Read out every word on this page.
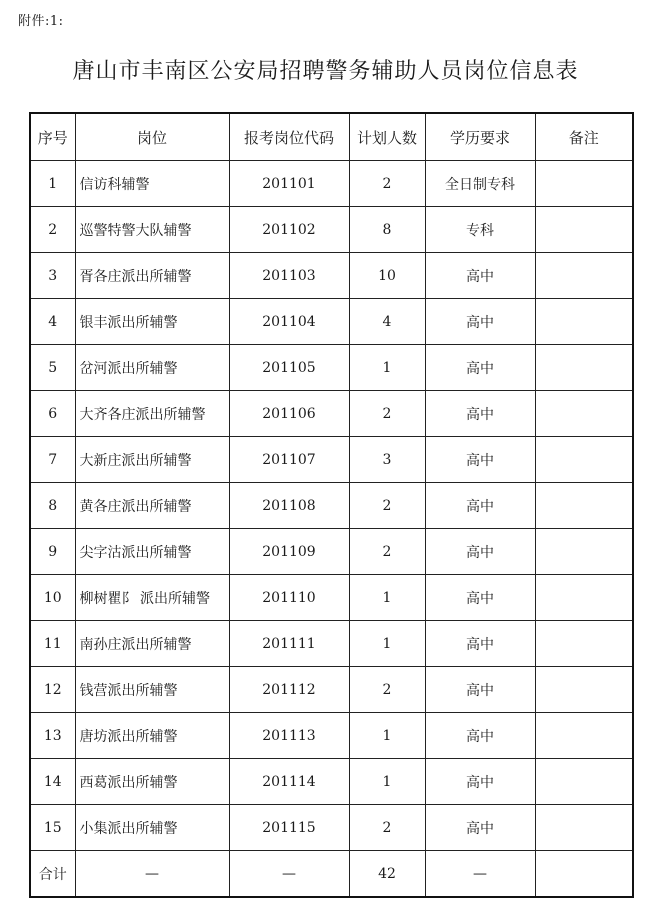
附件:1:
唐山市丰南区公安局招聘警务辅助人员岗位信息表
序号	岗位	报考岗位代码	计划人数	学历要求	备注
1	信访科辅警	201101	2	全日制专科	
2	巡警特警大队辅警	201102	8	专科	
3	胥各庄派出所辅警	201103	10	高中	
4	银丰派出所辅警	201104	4	高中	
5	岔河派出所辅警	201105	1	高中	
6	大齐各庄派出所辅警	201106	2	高中	
7	大新庄派出所辅警	201107	3	高中	
8	黄各庄派出所辅警	201108	2	高中	
9	尖字沽派出所辅警	201109	2	高中	
10	柳树瞿阝 派出所辅警	201110	1	高中	
11	南孙庄派出所辅警	201111	1	高中	
12	钱营派出所辅警	201112	2	高中	
13	唐坊派出所辅警	201113	1	高中	
14	西葛派出所辅警	201114	1	高中	
15	小集派出所辅警	201115	2	高中	
合计	—	—	42	—	
